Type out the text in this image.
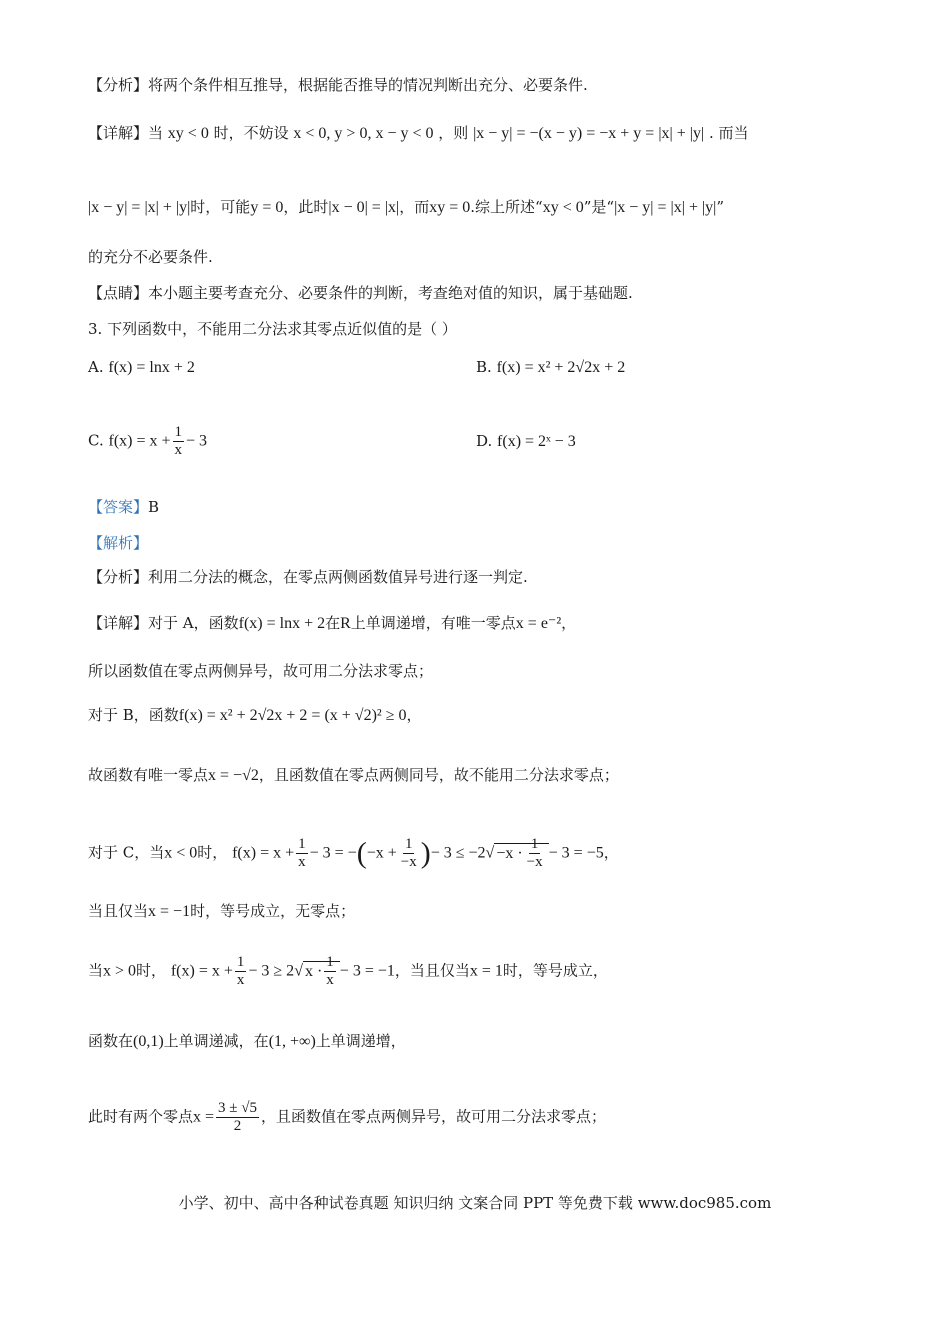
【分析】将两个条件相互推导，根据能否推导的情况判断出充分、必要条件.
【详解】当 xy < 0 时，不妨设 x < 0, y > 0, x − y < 0 ，则 |x − y| = −(x − y) = −x + y = |x| + |y| . 而当
|x − y| = |x| + |y|时，可能y = 0，此时|x − 0| = |x|，而xy = 0.综上所述“xy < 0”是“|x − y| = |x| + |y|”
的充分不必要条件.
【点睛】本小题主要考查充分、必要条件的判断，考查绝对值的知识，属于基础题.
3. 下列函数中，不能用二分法求其零点近似值的是（ ）
A. f(x) = lnx + 2	B. f(x) = x² + 2√2x + 2
C. $f(x) = x + \frac{1}{x} - 3$	D. f(x) = 2ˣ − 3
【答案】B
【解析】
【分析】利用二分法的概念，在零点两侧函数值异号进行逐一判定.
【详解】对于 A，函数f(x) = lnx + 2在R上单调递增，有唯一零点x = e⁻²，
所以函数值在零点两侧异号，故可用二分法求零点；
对于 B，函数f(x) = x² + 2√2x + 2 = (x + √2)² ≥ 0，
故函数有唯一零点x = −√2，且函数值在零点两侧同号，故不能用二分法求零点；
对于 C，当x < 0时， $f(x) = x + \frac{1}{x} - 3 = -(-x + \frac{1}{-x}$ )− $3 \le -2√ -x \cdot \frac{1}{-x} - 3 = -5$，
当且仅当x = −1时，等号成立，无零点；
当x > 0时， $f(x) = x + \frac{1}{x} - 3 \ge 2√$ $x \cdot \frac{1}{x} - 3 = -1$，当且仅当x = 1时，等号成立，
函数在(0,1)上单调递减，在(1, +∞)上单调递增，
此时有两个零点$x = \frac{3 \pm √5}{2}$ ，且函数值在零点两侧异号，故可用二分法求零点；
小学、初中、高中各种试卷真题 知识归纳 文案合同 PPT 等免费下载 www.doc985.com
